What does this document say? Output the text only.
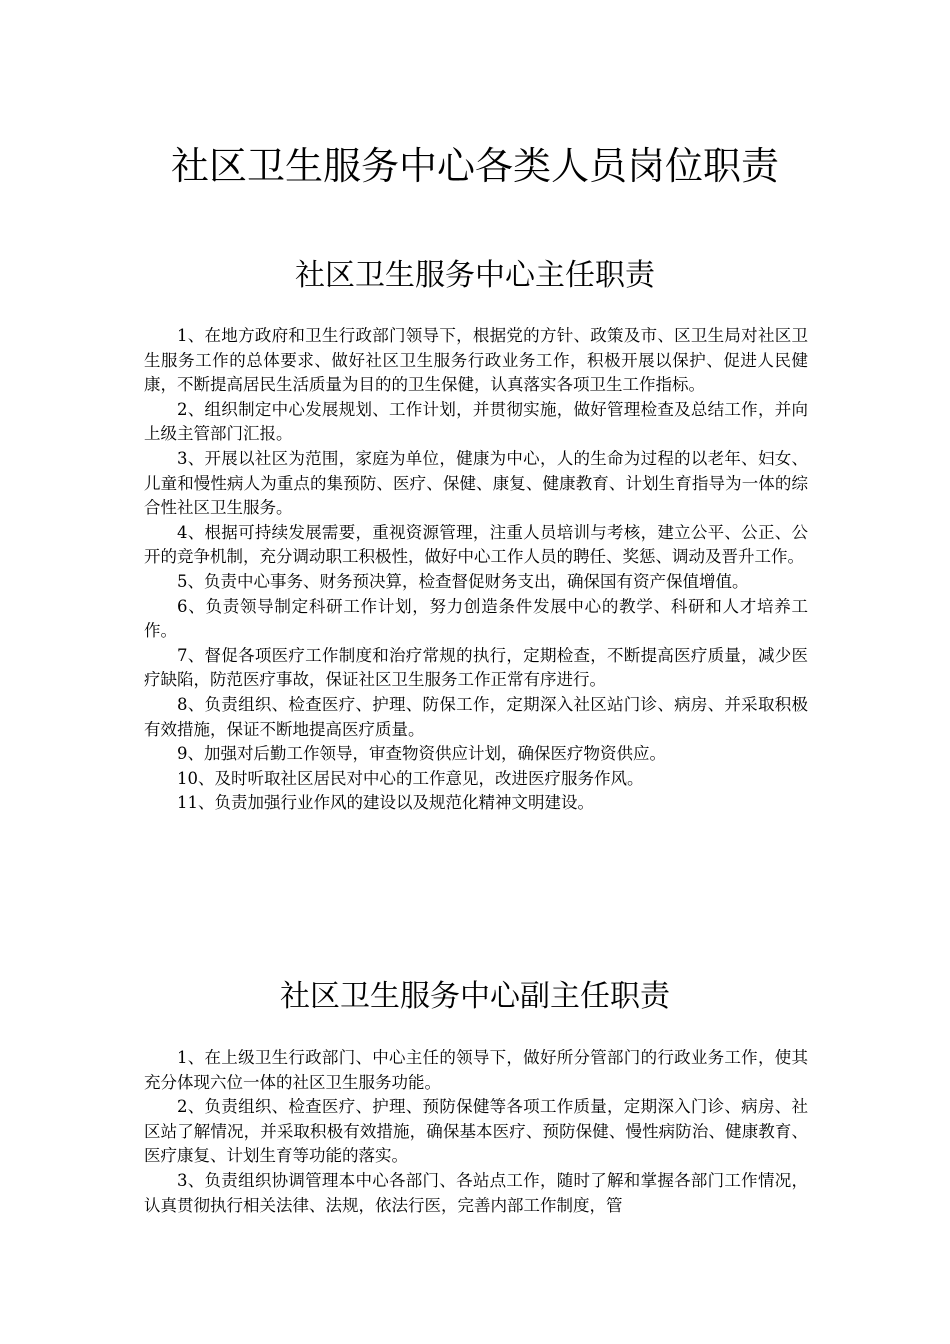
社区卫生服务中心各类人员岗位职责
社区卫生服务中心主任职责

1、在地方政府和卫生行政部门领导下，根据党的方针、政策及市、区卫生局对社区卫生服务工作的总体要求、做好社区卫生服务行政业务工作，积极开展以保护、促进人民健康，不断提高居民生活质量为目的的卫生保健，认真落实各项卫生工作指标。

2、组织制定中心发展规划、工作计划，并贯彻实施，做好管理检查及总结工作，并向上级主管部门汇报。

3、开展以社区为范围，家庭为单位，健康为中心，人的生命为过程的以老年、妇女、儿童和慢性病人为重点的集预防、医疗、保健、康复、健康教育、计划生育指导为一体的综合性社区卫生服务。

4、根据可持续发展需要，重视资源管理，注重人员培训与考核，建立公平、公正、公开的竞争机制，充分调动职工积极性，做好中心工作人员的聘任、奖惩、调动及晋升工作。

5、负责中心事务、财务预决算，检查督促财务支出，确保国有资产保值增值。

6、负责领导制定科研工作计划，努力创造条件发展中心的教学、科研和人才培养工作。

7、督促各项医疗工作制度和治疗常规的执行，定期检查，不断提高医疗质量，减少医疗缺陷，防范医疗事故，保证社区卫生服务工作正常有序进行。

8、负责组织、检查医疗、护理、防保工作，定期深入社区站门诊、病房、并采取积极有效措施，保证不断地提高医疗质量。

9、加强对后勤工作领导，审查物资供应计划，确保医疗物资供应。

10、及时听取社区居民对中心的工作意见，改进医疗服务作风。

11、负责加强行业作风的建设以及规范化精神文明建设。

社区卫生服务中心副主任职责

1、在上级卫生行政部门、中心主任的领导下，做好所分管部门的行政业务工作，使其充分体现六位一体的社区卫生服务功能。

2、负责组织、检查医疗、护理、预防保健等各项工作质量，定期深入门诊、病房、社区站了解情况，并采取积极有效措施，确保基本医疗、预防保健、慢性病防治、健康教育、医疗康复、计划生育等功能的落实。

3、负责组织协调管理本中心各部门、各站点工作，随时了解和掌握各部门工作情况，认真贯彻执行相关法律、法规，依法行医，完善内部工作制度，管
